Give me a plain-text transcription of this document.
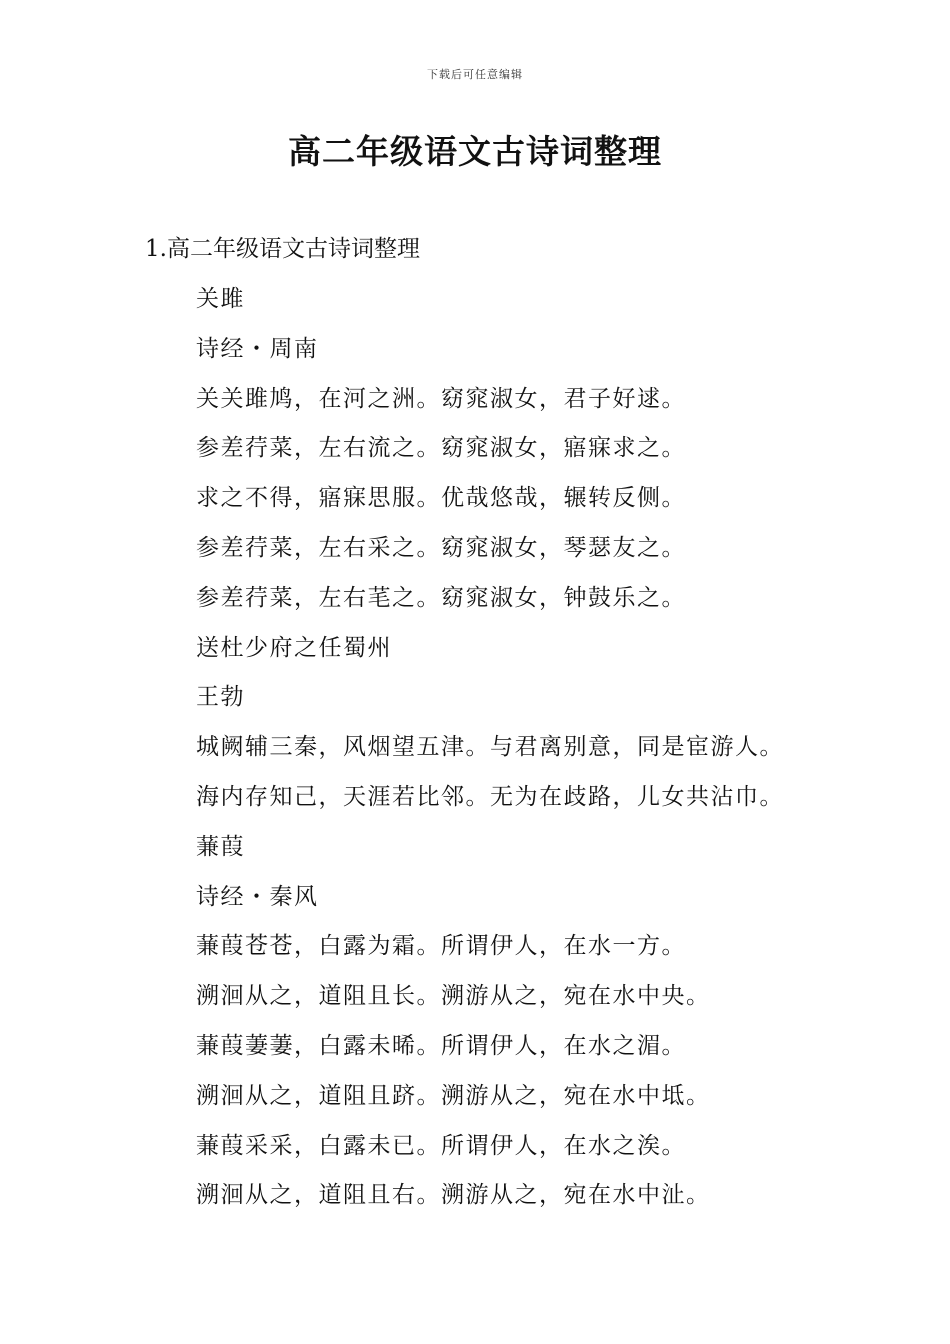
下载后可任意编辑
高二年级语文古诗词整理
1.高二年级语文古诗词整理
关雎
诗经・周南
关关雎鸠，在河之洲。窈窕淑女，君子好逑。
参差荇菜，左右流之。窈窕淑女，寤寐求之。
求之不得，寤寐思服。优哉悠哉，辗转反侧。
参差荇菜，左右采之。窈窕淑女，琴瑟友之。
参差荇菜，左右芼之。窈窕淑女，钟鼓乐之。
送杜少府之任蜀州
王勃
城阙辅三秦，风烟望五津。与君离别意，同是宦游人。
海内存知己，天涯若比邻。无为在歧路，儿女共沾巾。
蒹葭
诗经・秦风
蒹葭苍苍，白露为霜。所谓伊人，在水一方。
溯洄从之，道阻且长。溯游从之，宛在水中央。
蒹葭萋萋，白露未晞。所谓伊人，在水之湄。
溯洄从之，道阻且跻。溯游从之，宛在水中坻。
蒹葭采采，白露未已。所谓伊人，在水之涘。
溯洄从之，道阻且右。溯游从之，宛在水中沚。
